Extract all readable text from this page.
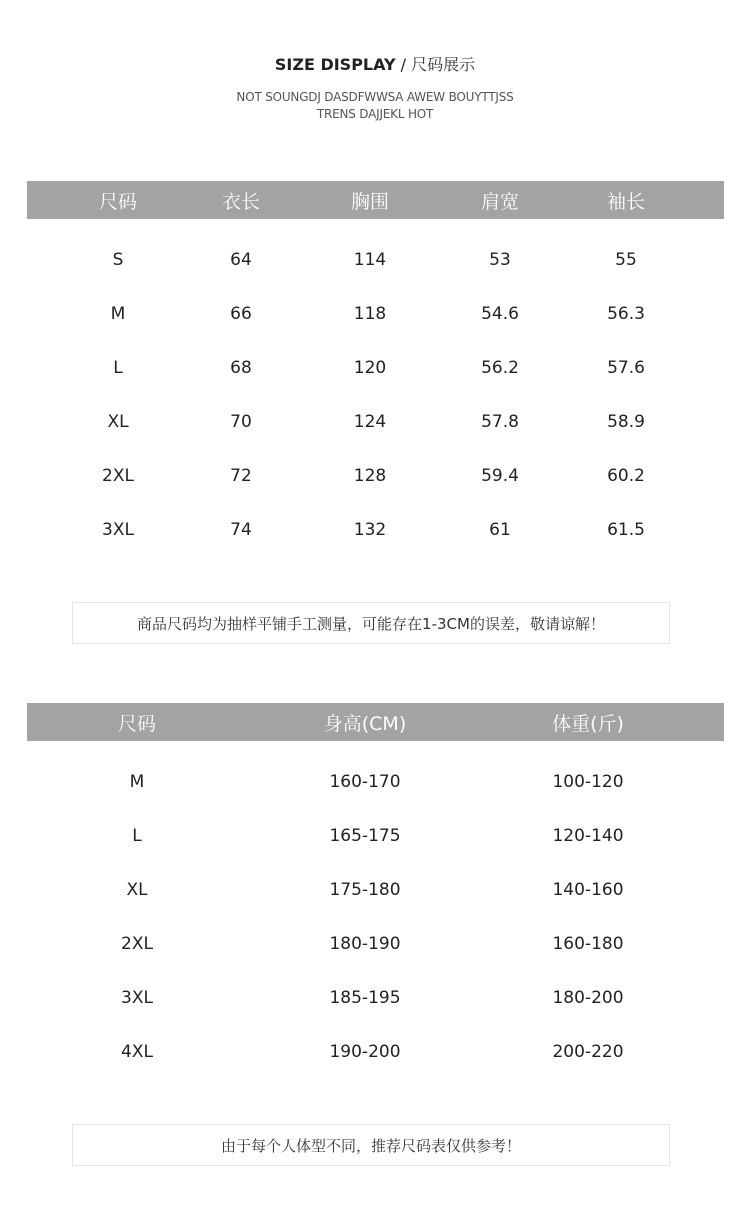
SIZE DISPLAY / 尺码展示
NOT SOUNGDJ DASDFWWSA AWEW BOUYTTJSS
TRENS DAJJEKL HOT
尺码	衣长	胸围	肩宽	袖长
S	64	114	53	55
M	66	118	54.6	56.3
L	68	120	56.2	57.6
XL	70	124	57.8	58.9
2XL	72	128	59.4	60.2
3XL	74	132	61	61.5
商品尺码均为抽样平铺手工测量，可能存在1-3CM的误差，敬请谅解！
尺码	身高(CM)	体重(斤)
M	160-170	100-120
L	165-175	120-140
XL	175-180	140-160
2XL	180-190	160-180
3XL	185-195	180-200
4XL	190-200	200-220
由于每个人体型不同，推荐尺码表仅供参考！
